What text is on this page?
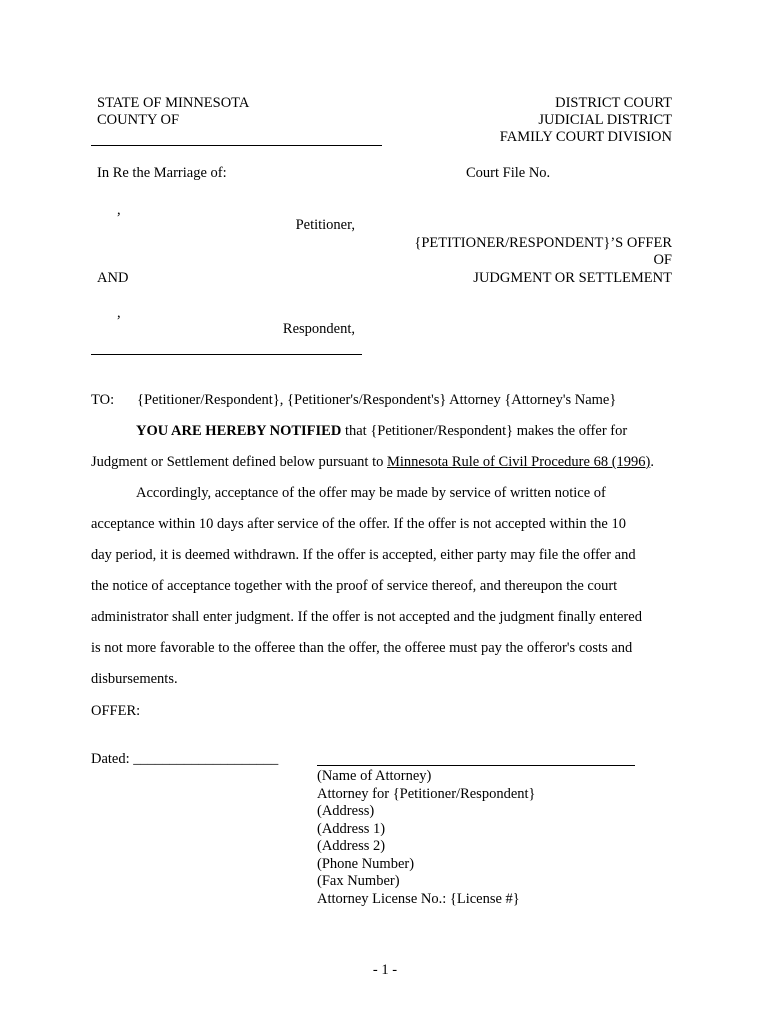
STATE OF MINNESOTA
COUNTY OF
DISTRICT COURT
JUDICIAL DISTRICT
FAMILY COURT DIVISION
In Re the Marriage of:	Court File No.
,
Petitioner,
{PETITIONER/RESPONDENT}’S OFFER
OF
JUDGMENT OR SETTLEMENT
AND
,
Respondent,
TO: {Petitioner/Respondent}, {Petitioner's/Respondent's} Attorney {Attorney's Name}
YOU ARE HEREBY NOTIFIED that {Petitioner/Respondent} makes the offer for
Judgment or Settlement defined below pursuant to Minnesota Rule of Civil Procedure 68 (1996).
Accordingly, acceptance of the offer may be made by service of written notice of
acceptance within 10 days after service of the offer. If the offer is not accepted within the 10
day period, it is deemed withdrawn. If the offer is accepted, either party may file the offer and
the notice of acceptance together with the proof of service thereof, and thereupon the court
administrator shall enter judgment. If the offer is not accepted and the judgment finally entered
is not more favorable to the offeree than the offer, the offeree must pay the offeror's costs and
disbursements.
OFFER:
Dated: ____________________
(Name of Attorney)
Attorney for {Petitioner/Respondent}
(Address)
(Address 1)
(Address 2)
(Phone Number)
(Fax Number)
Attorney License No.: {License #}
- 1 -
